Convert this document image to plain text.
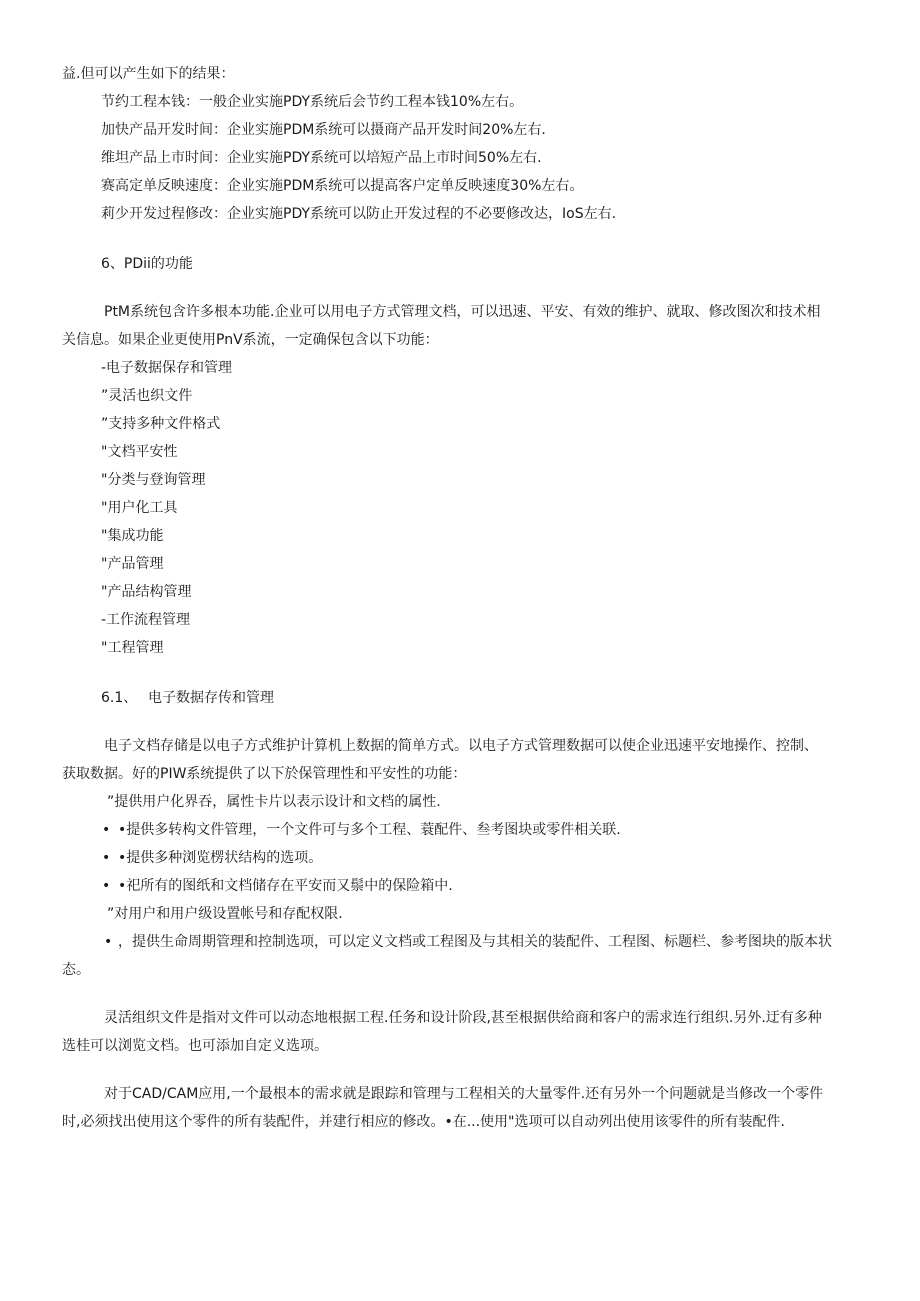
益.但可以产生如下的结果：
节约工程本钱：一般企业实施PDY系统后会节约工程本钱10%左右。
加快产品开发时间：企业实施PDM系统可以摄商产品开发时间20%左右.
维坦产品上市时间：企业实施PDY系统可以培短产品上市时间50%左右.
赛高定单反映速度：企业实施PDM系统可以提高客户定单反映速度30%左右。
莉少开发过程修改：企业实施PDY系统可以防止开发过程的不必要修改达，IoS左右.
6、PDii的功能
PtM系统包含许多根本功能.企业可以用电子方式管理文档，可以迅速、平安、有效的维护、就取、修改图次和技术相
关信息。如果企业更使用PnV系流，一定确保包含以下功能：
-电子数据保存和管理
”灵活也织文件
”支持多种文件格式
"文档平安性
"分类与登询管理
"用户化工具
"集成功能
"产品管理
"产品结构管理
-工作流程管理
"工程管理
6.1、 电子数据存传和管理
电子文档存储是以电子方式维护计算机上数据的简单方式。以电子方式管理数据可以使企业迅速平安地操作、控制、
获取数据。好的PIW系统提供了以下於保管理性和平安性的功能：
”提供用户化界吞，属性卡片以表示设计和文档的属性.
• •提供多转构文件管理，一个文件可与多个工程、蓑配件、叁考图块或零件相关联.
• •提供多种浏览楞状结构的选项。
• •祀所有的图纸和文档储存在平安而又鬃中的保险箱中.
”对用户和用户级设置帐号和存配权限.
• ，提供生命周期管理和控制选项，可以定义文档或工程图及与其相关的装配件、工程图、标题栏、参考图块的版本状
态。
灵活组织文件是指对文件可以动态地根据工程.任务和设计阶段,甚至根据供给商和客户的需求连行组织.另外.迂有多种
选桂可以浏览文档。也可添加自定义选项。
对于CAD/CAM应用,一个最根本的需求就是跟踪和管理与工程相关的大量零件.还有另外一个问题就是当修改一个零件
时,必须找出使用这个零件的所有装配件，并建行相应的修改。•在...使用"选项可以自动列出使用该零件的所有装配件.
